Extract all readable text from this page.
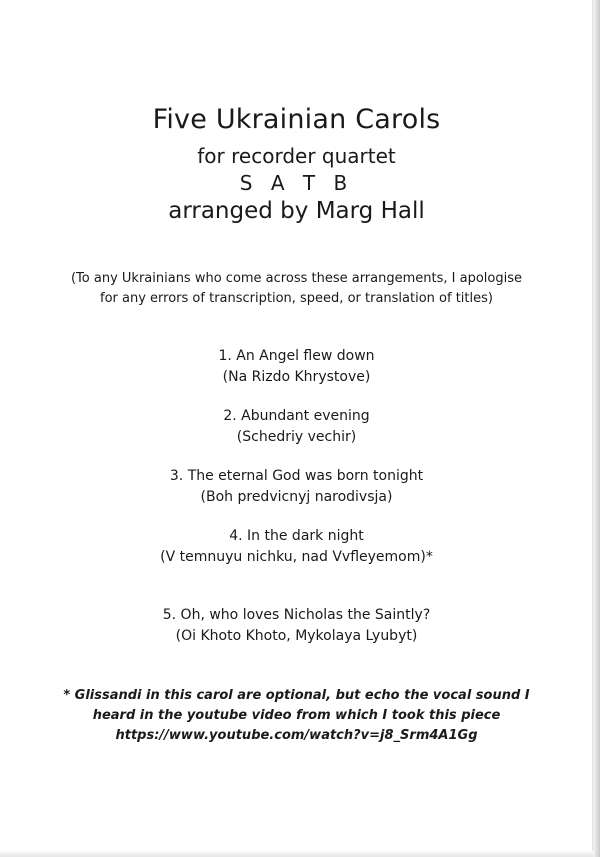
Five Ukrainian Carols
for recorder quartet
S A T B
arranged by Marg Hall
(To any Ukrainians who come across these arrangements, I apologise
for any errors of transcription, speed, or translation of titles)
1. An Angel flew down
(Na Rizdo Khrystove)
2. Abundant evening
(Schedriy vechir)
3. The eternal God was born tonight
(Boh predvicnyj narodivsja)
4. In the dark night
(V temnuyu nichku, nad Vvfleyemom)*
5. Oh, who loves Nicholas the Saintly?
(Oi Khoto Khoto, Mykolaya Lyubyt)
* Glissandi in this carol are optional, but echo the vocal sound I
heard in the youtube video from which I took this piece
https://www.youtube.com/watch?v=j8_Srm4A1Gg
